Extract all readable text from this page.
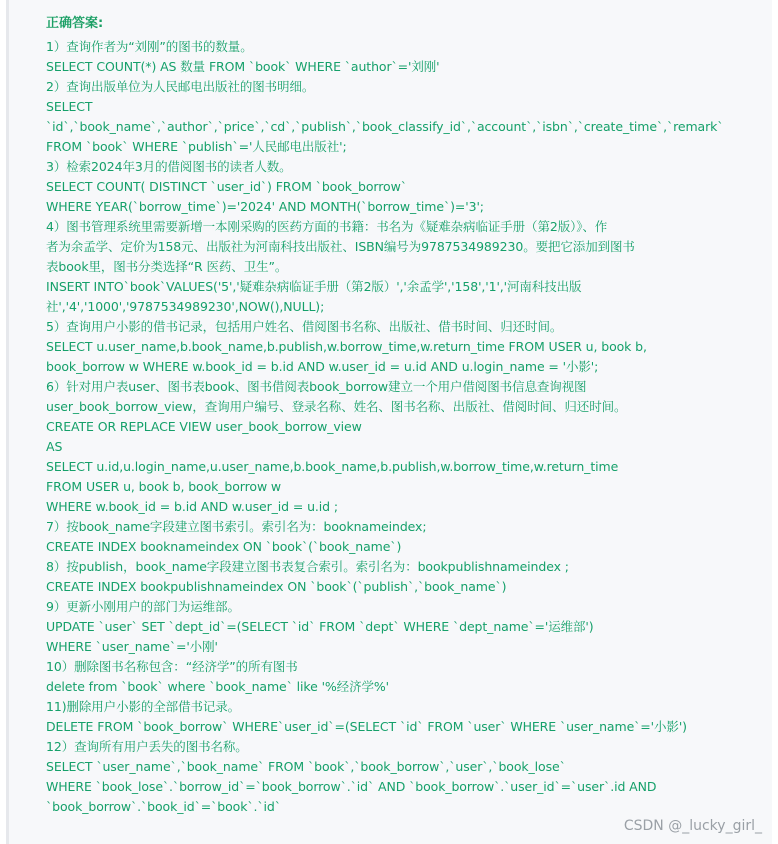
正确答案:
1）查询作者为“刘刚”的图书的数量。
SELECT COUNT(*) AS 数量 FROM `book` WHERE `author`='刘刚'
2）查询出版单位为人民邮电出版社的图书明细。
SELECT
`id`,`book_name`,`author`,`price`,`cd`,`publish`,`book_classify_id`,`account`,`isbn`,`create_time`,`remark`
FROM `book` WHERE `publish`='人民邮电出版社';
3）检索2024年3月的借阅图书的读者人数。
SELECT COUNT( DISTINCT `user_id`) FROM `book_borrow`
WHERE YEAR(`borrow_time`)='2024' AND MONTH(`borrow_time`)='3';
4）图书管理系统里需要新增一本刚采购的医药方面的书籍：书名为《疑难杂病临证手册（第2版）》、作
者为余孟学、定价为158元、出版社为河南科技出版社、ISBN编号为9787534989230。要把它添加到图书
表book里，图书分类选择“R 医药、卫生”。
INSERT INTO`book`VALUES('5','疑难杂病临证手册（第2版）','余孟学','158','1','河南科技出版
社','4','1000','9787534989230',NOW(),NULL);
5）查询用户小影的借书记录，包括用户姓名、借阅图书名称、出版社、借书时间、归还时间。
SELECT u.user_name,b.book_name,b.publish,w.borrow_time,w.return_time FROM USER u, book b,
book_borrow w WHERE w.book_id = b.id AND w.user_id = u.id AND u.login_name = '小影';
6）针对用户表user、图书表book、图书借阅表book_borrow建立一个用户借阅图书信息查询视图
user_book_borrow_view，查询用户编号、登录名称、姓名、图书名称、出版社、借阅时间、归还时间。
CREATE OR REPLACE VIEW user_book_borrow_view
AS
SELECT u.id,u.login_name,u.user_name,b.book_name,b.publish,w.borrow_time,w.return_time
FROM USER u, book b, book_borrow w
WHERE w.book_id = b.id AND w.user_id = u.id ;
7）按book_name字段建立图书索引。索引名为：booknameindex;
CREATE INDEX booknameindex ON `book`(`book_name`)
8）按publish，book_name字段建立图书表复合索引。索引名为：bookpublishnameindex ;
CREATE INDEX bookpublishnameindex ON `book`(`publish`,`book_name`)
9）更新小刚用户的部门为运维部。
UPDATE `user` SET `dept_id`=(SELECT `id` FROM `dept` WHERE `dept_name`='运维部')
WHERE `user_name`='小刚'
10）删除图书名称包含：“经济学”的所有图书
delete from `book` where `book_name` like '%经济学%'
11)删除用户小影的全部借书记录。
DELETE FROM `book_borrow` WHERE`user_id`=(SELECT `id` FROM `user` WHERE `user_name`='小影')
12）查询所有用户丢失的图书名称。
SELECT `user_name`,`book_name` FROM `book`,`book_borrow`,`user`,`book_lose`
WHERE `book_lose`.`borrow_id`=`book_borrow`.`id` AND `book_borrow`.`user_id`=`user`.id AND
`book_borrow`.`book_id`=`book`.`id`
CSDN @_lucky_girl_
